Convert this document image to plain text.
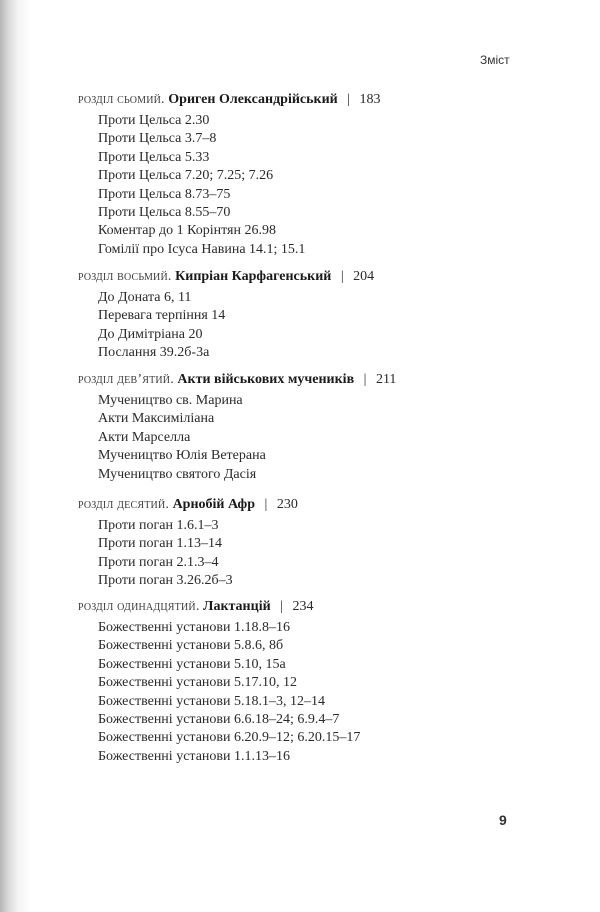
Зміст
розділ сьомий. Ориген Олександрійський | 183
Проти Цельса 2.30
Проти Цельса 3.7–8
Проти Цельса 5.33
Проти Цельса 7.20; 7.25; 7.26
Проти Цельса 8.73–75
Проти Цельса 8.55–70
Коментар до 1 Корінтян 26.98
Гомілії про Ісуса Навина 14.1; 15.1
розділ восьмий. Кипріан Карфагенський | 204
До Доната 6, 11
Перевага терпіння 14
До Димітріана 20
Послання 39.2б-3а
розділ дев’ятий. Акти військових мучеників | 211
Мучеництво св. Марина
Акти Максиміліана
Акти Марселла
Мучеництво Юлія Ветерана
Мучеництво святого Дасія
розділ десятий. Арнобій Афр | 230
Проти поган 1.6.1–3
Проти поган 1.13–14
Проти поган 2.1.3–4
Проти поган 3.26.2б–3
розділ одинадцятий. Лактанцій | 234
Божественні установи 1.18.8–16
Божественні установи 5.8.6, 8б
Божественні установи 5.10, 15а
Божественні установи 5.17.10, 12
Божественні установи 5.18.1–3, 12–14
Божественні установи 6.6.18–24; 6.9.4–7
Божественні установи 6.20.9–12; 6.20.15–17
Божественні установи 1.1.13–16
9
